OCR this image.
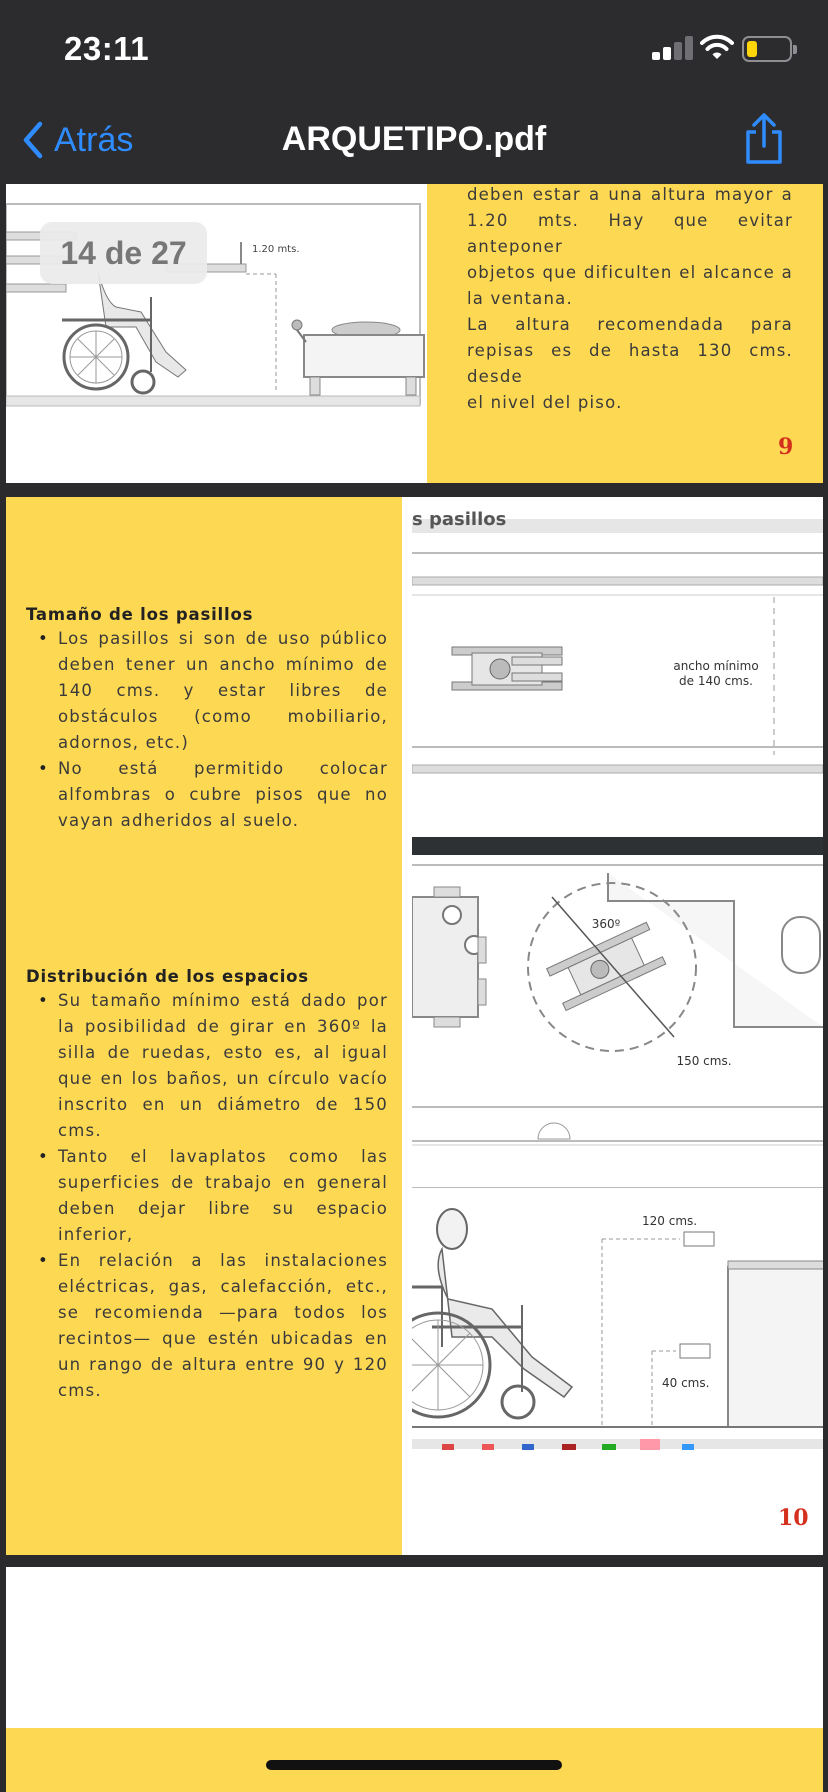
23:11
Atrás	ARQUETIPO.pdf
1.20 mts.
deben estar a una altura mayor a
1.20 mts. Hay que evitar anteponer
objetos que dificulten el alcance a
la ventana.
La altura recomendada para
repisas es de hasta 130 cms. desde
el nivel del piso.
9
14 de 27
Tamaño de los pasillos
• Los pasillos si son de uso público deben tener un ancho mínimo de 140 cms. y estar libres de obstáculos (como mobiliario, adornos, etc.)
• No está permitido colocar alfombras o cubre pisos que no vayan adheridos al suelo.
Distribución de los espacios
• Su tamaño mínimo está dado por la posibilidad de girar en 360º la silla de ruedas, esto es, al igual que en los baños, un círculo vacío inscrito en un diámetro de 150 cms.
• Tanto el lavaplatos como las superficies de trabajo en general deben dejar libre su espacio inferior,
• En relación a las instalaciones eléctricas, gas, calefacción, etc., se recomienda —para todos los recintos— que estén ubicadas en un rango de altura entre 90 y 120 cms.
s pasillos
ancho mínimo
de 140 cms.
360º
150 cms.
120 cms.
40 cms.
10
